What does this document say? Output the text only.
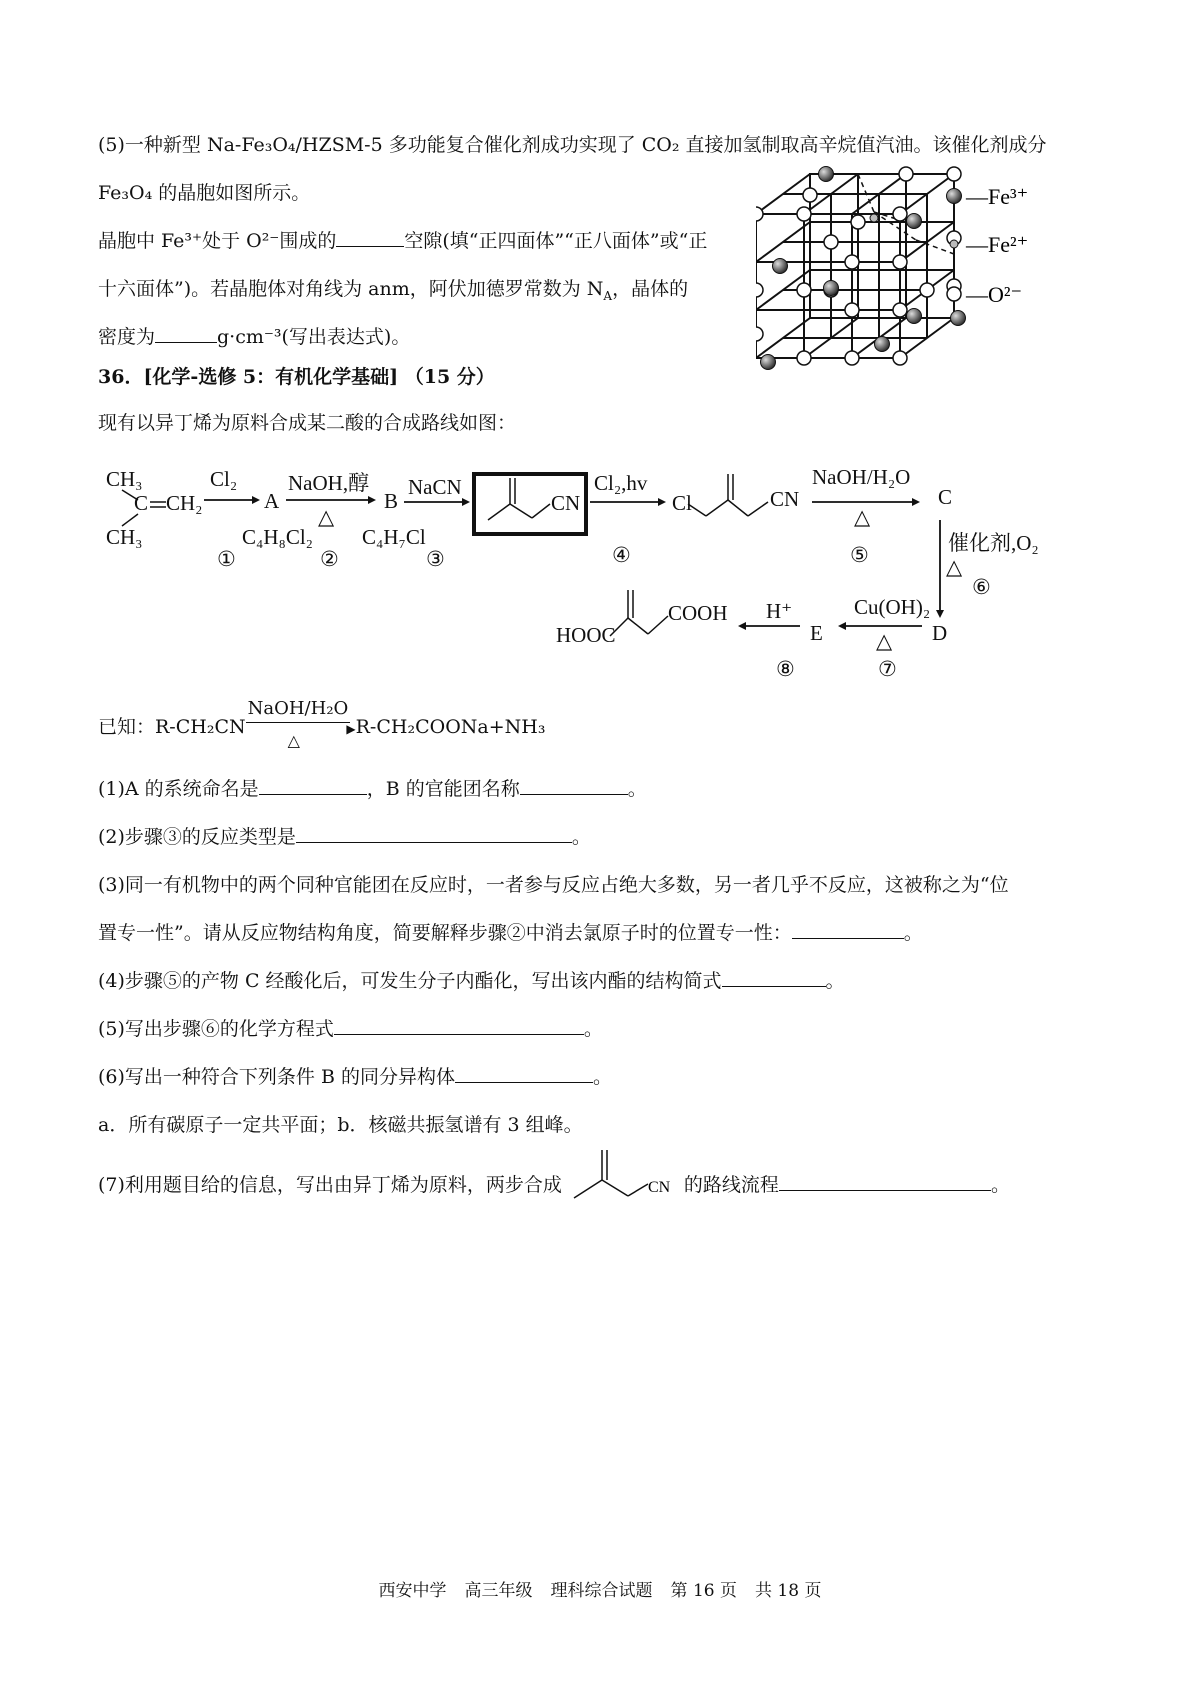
(5)一种新型 Na-Fe₃O₄/HZSM-5 多功能复合催化剂成功实现了 CO₂ 直接加氢制取高辛烷值汽油。该催化剂成分
Fe₃O₄ 的晶胞如图所示。
晶胞中 Fe³⁺处于 O²⁻围成的	空隙(填“正四面体”“正八面体”或“正
十六面体”)。若晶胞体对角线为 anm，阿伏加德罗常数为 $N_A$，晶体的
密度为	g·cm⁻³(写出表达式)。
—Fe³⁺
—Fe²⁺
—O²⁻
36．[化学-选修 5：有机化学基础] （15 分）
现有以异丁烯为原料合成某二酸的合成路线如图：
CH₃
C CH₂
CH₃
Cl₂
A
C₄H₈Cl₂
①
NaOH,醇
△
B
C₄H₇Cl
②
NaCN
③
CN
Cl₂,hv
④
Cl	CN
NaOH/H₂O
△
C
⑤	催化剂,O₂
△
⑥
D
Cu(OH)₂
△
E
⑦
H⁺
⑧
HOOC
COOH
已知：R-CH₂CN
NaOH/H₂O
▶
△
R-CH₂COONa+NH₃
(1)A 的系统命名是	，B 的官能团名称	。
(2)步骤③的反应类型是	。
(3)同一有机物中的两个同种官能团在反应时，一者参与反应占绝大多数，另一者几乎不反应，这被称之为“位
置专一性”。请从反应物结构角度，简要解释步骤②中消去氯原子时的位置专一性：	。
(4)步骤⑤的产物 C 经酸化后，可发生分子内酯化，写出该内酯的结构简式	。
(5)写出步骤⑥的化学方程式	。
(6)写出一种符合下列条件 B 的同分异构体	。
a．所有碳原子一定共平面；b．核磁共振氢谱有 3 组峰。
(7)利用题目给的信息，写出由异丁烯为原料，两步合成	CN 的路线流程	。
西安中学 高三年级 理科综合试题 第 16 页 共 18 页
